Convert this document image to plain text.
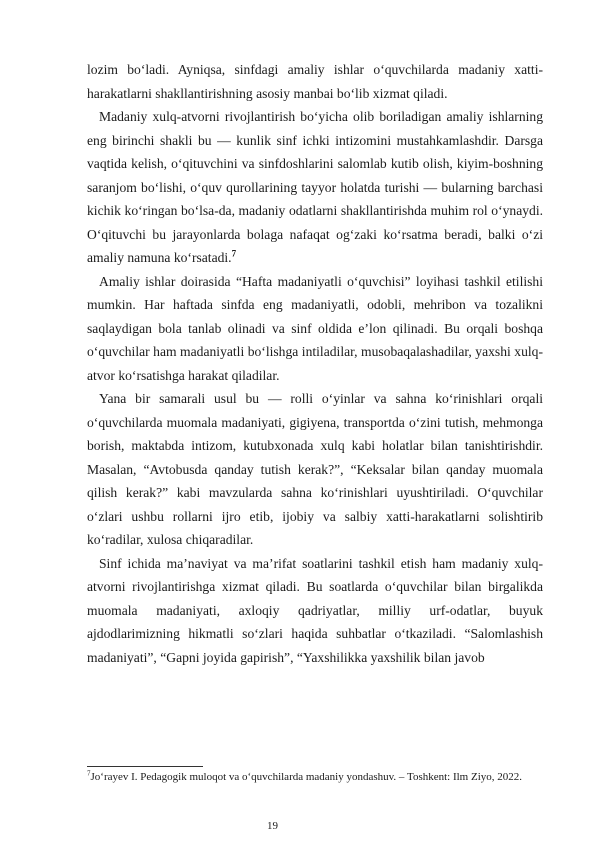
lozim bo‘ladi. Ayniqsa, sinfdagi amaliy ishlar o‘quvchilarda madaniy xatti-harakatlarni shakllantirishning asosiy manbai bo‘lib xizmat qiladi.

Madaniy xulq-atvorni rivojlantirish bo‘yicha olib boriladigan amaliy ishlarning eng birinchi shakli bu — kunlik sinf ichki intizomini mustahkamlashdir. Darsga vaqtida kelish, o‘qituvchini va sinfdoshlarini salomlab kutib olish, kiyim-boshning saranjom bo‘lishi, o‘quv qurollarining tayyor holatda turishi — bularning barchasi kichik ko‘ringan bo‘lsa-da, madaniy odatlarni shakllantirishda muhim rol o‘ynaydi. O‘qituvchi bu jarayonlarda bolaga nafaqat og‘zaki ko‘rsatma beradi, balki o‘zi amaliy namuna ko‘rsatadi.$^7$

Amaliy ishlar doirasida “Hafta madaniyatli o‘quvchisi” loyihasi tashkil etilishi mumkin. Har haftada sinfda eng madaniyatli, odobli, mehribon va tozalikni saqlaydigan bola tanlab olinadi va sinf oldida e’lon qilinadi. Bu orqali boshqa o‘quvchilar ham madaniyatli bo‘lishga intiladilar, musobaqalashadilar, yaxshi xulq-atvor ko‘rsatishga harakat qiladilar.

Yana bir samarali usul bu — rolli o‘yinlar va sahna ko‘rinishlari orqali o‘quvchilarda muomala madaniyati, gigiyena, transportda o‘zini tutish, mehmonga borish, maktabda intizom, kutubxonada xulq kabi holatlar bilan tanishtirishdir. Masalan, “Avtobusda qanday tutish kerak?”, “Keksalar bilan qanday muomala qilish kerak?” kabi mavzularda sahna ko‘rinishlari uyushtiriladi. O‘quvchilar o‘zlari ushbu rollarni ijro etib, ijobiy va salbiy xatti-harakatlarni solishtirib ko‘radilar, xulosa chiqaradilar.

Sinf ichida ma’naviyat va ma’rifat soatlarini tashkil etish ham madaniy xulq-atvorni rivojlantirishga xizmat qiladi. Bu soatlarda o‘quvchilar bilan birgalikda muomala madaniyati, axloqiy qadriyatlar, milliy urf-odatlar, buyuk ajdodlarimizning hikmatli so‘zlari haqida suhbatlar o‘tkaziladi. “Salomlashish madaniyati”, “Gapni joyida gapirish”, “Yaxshilikka yaxshilik bilan javob

$^7$Jo‘rayev I. Pedagogik muloqot va o‘quvchilarda madaniy yondashuv. – Toshkent: Ilm Ziyo, 2022.
19
